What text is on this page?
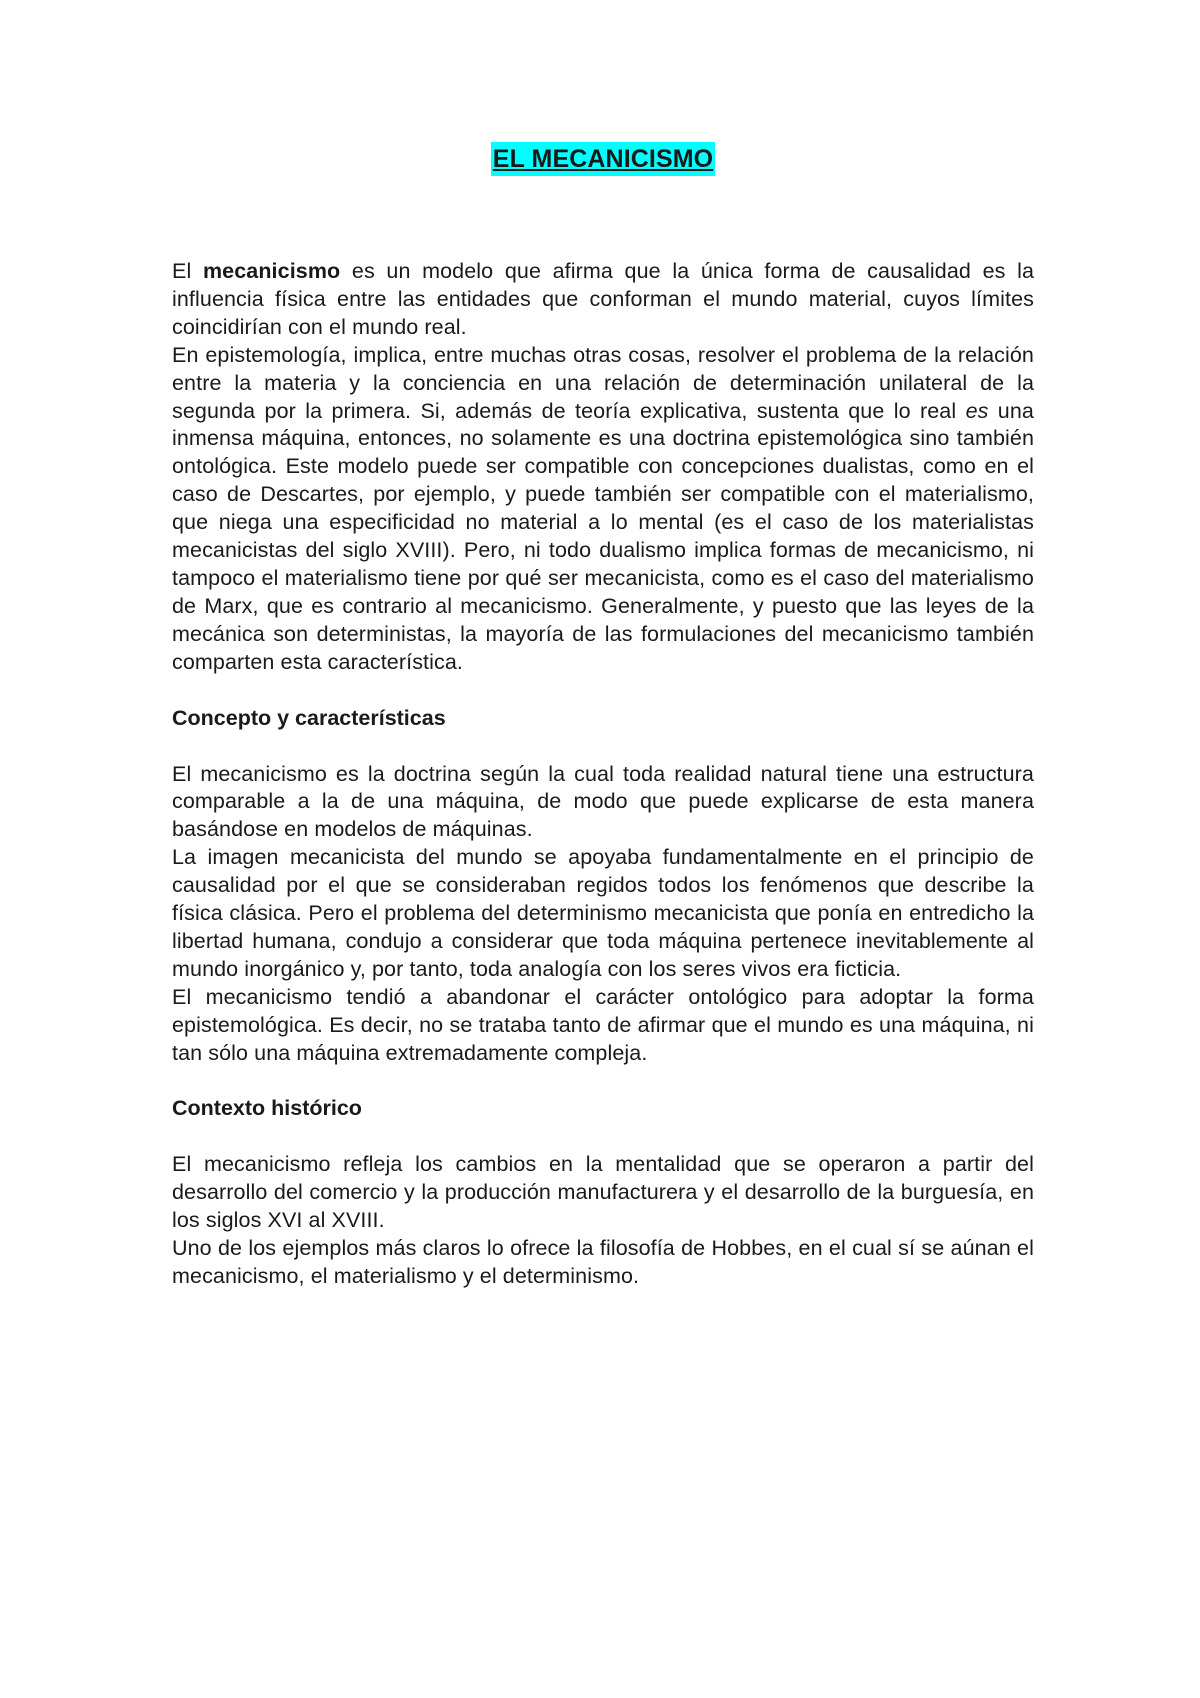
EL MECANICISMO

El mecanicismo es un modelo que afirma que la única forma de causalidad es la influencia física entre las entidades que conforman el mundo material, cuyos límites coincidirían con el mundo real.

En epistemología, implica, entre muchas otras cosas, resolver el problema de la relación entre la materia y la conciencia en una relación de determinación unilateral de la segunda por la primera. Si, además de teoría explicativa, sustenta que lo real es una inmensa máquina, entonces, no solamente es una doctrina epistemológica sino también ontológica. Este modelo puede ser compatible con concepciones dualistas, como en el caso de Descartes, por ejemplo, y puede también ser compatible con el materialismo, que niega una especificidad no material a lo mental (es el caso de los materialistas mecanicistas del siglo XVIII). Pero, ni todo dualismo implica formas de mecanicismo, ni tampoco el materialismo tiene por qué ser mecanicista, como es el caso del materialismo de Marx, que es contrario al mecanicismo. Generalmente, y puesto que las leyes de la mecánica son deterministas, la mayoría de las formulaciones del mecanicismo también comparten esta característica.

Concepto y características

El mecanicismo es la doctrina según la cual toda realidad natural tiene una estructura comparable a la de una máquina, de modo que puede explicarse de esta manera basándose en modelos de máquinas.

La imagen mecanicista del mundo se apoyaba fundamentalmente en el principio de causalidad por el que se consideraban regidos todos los fenómenos que describe la física clásica. Pero el problema del determinismo mecanicista que ponía en entredicho la libertad humana, condujo a considerar que toda máquina pertenece inevitablemente al mundo inorgánico y, por tanto, toda analogía con los seres vivos era ficticia.

El mecanicismo tendió a abandonar el carácter ontológico para adoptar la forma epistemológica. Es decir, no se trataba tanto de afirmar que el mundo es una máquina, ni tan sólo una máquina extremadamente compleja.

Contexto histórico

El mecanicismo refleja los cambios en la mentalidad que se operaron a partir del desarrollo del comercio y la producción manufacturera y el desarrollo de la burguesía, en los siglos XVI al XVIII.

Uno de los ejemplos más claros lo ofrece la filosofía de Hobbes, en el cual sí se aúnan el mecanicismo, el materialismo y el determinismo.
